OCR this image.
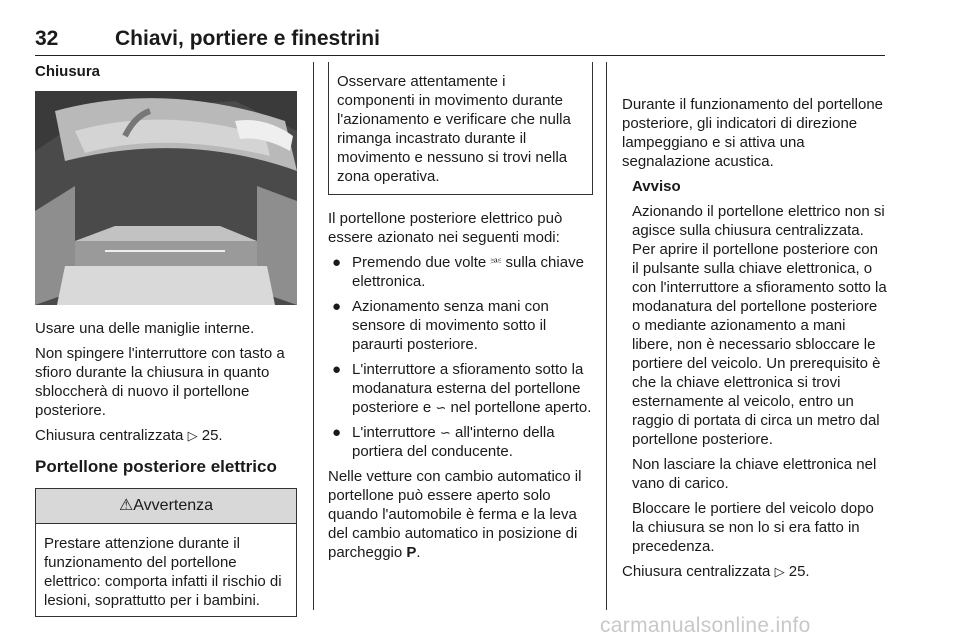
32	Chiavi, portiere e finestrini
Chiusura

Usare una delle maniglie interne.

Non spingere l'interruttore con tasto a sfioro durante la chiusura in quanto sbloccherà di nuovo il portellone posteriore.

Chiusura centralizzata ▷ 25.

Portellone posteriore elettrico
⚠Avvertenza
Prestare attenzione durante il funzionamento del portellone elettrico: comporta infatti il rischio di lesioni, soprattutto per i bambini.
Osservare attentamente i componenti in movimento durante l'azionamento e verificare che nulla rimanga incastrato durante il movimento e nessuno si trovi nella zona operativa.

Il portellone posteriore elettrico può essere azionato nei seguenti modi:

● Premendo due volte ⎃ sulla chiave elettronica.
● Azionamento senza mani con sensore di movimento sotto il paraurti posteriore.
● L'interruttore a sfioramento sotto la modanatura esterna del portellone posteriore e ∽ nel portellone aperto.
● L'interruttore ∽ all'interno della portiera del conducente.

Nelle vetture con cambio automatico il portellone può essere aperto solo quando l'automobile è ferma e la leva del cambio automatico in posizione di parcheggio P.

Durante il funzionamento del portellone posteriore, gli indicatori di direzione lampeggiano e si attiva una segnalazione acustica.

Avviso

Azionando il portellone elettrico non si agisce sulla chiusura centralizzata. Per aprire il portellone posteriore con il pulsante sulla chiave elettronica, o con l'interruttore a sfioramento sotto la modanatura del portellone posteriore o mediante azionamento a mani libere, non è necessario sbloccare le portiere del veicolo. Un prerequisito è che la chiave elettronica si trovi esternamente al veicolo, entro un raggio di portata di circa un metro dal portellone posteriore.

Non lasciare la chiave elettronica nel vano di carico.

Bloccare le portiere del veicolo dopo la chiusura se non lo si era fatto in precedenza.

Chiusura centralizzata ▷ 25.

carmanualsonline.info
